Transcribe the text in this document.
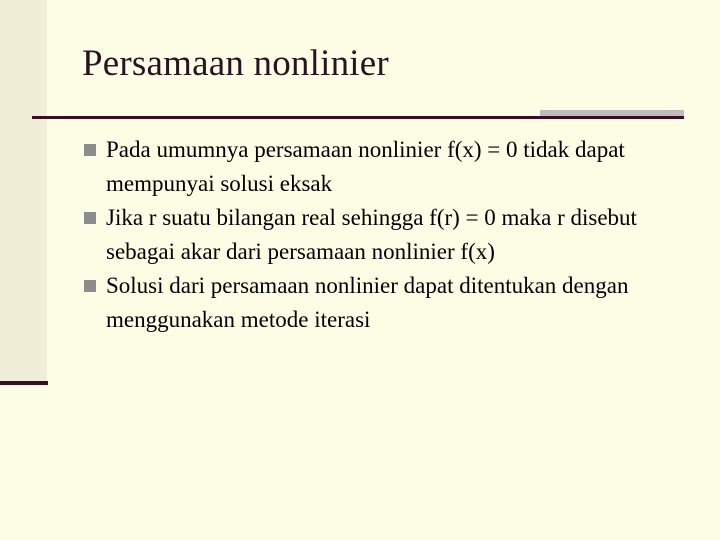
Persamaan nonlinier
Pada umumnya persamaan nonlinier f(x) = 0 tidak dapat mempunyai solusi eksak
Jika r suatu bilangan real sehingga f(r) = 0 maka r disebut sebagai akar dari persamaan nonlinier f(x)
Solusi dari persamaan nonlinier dapat ditentukan dengan menggunakan metode iterasi
